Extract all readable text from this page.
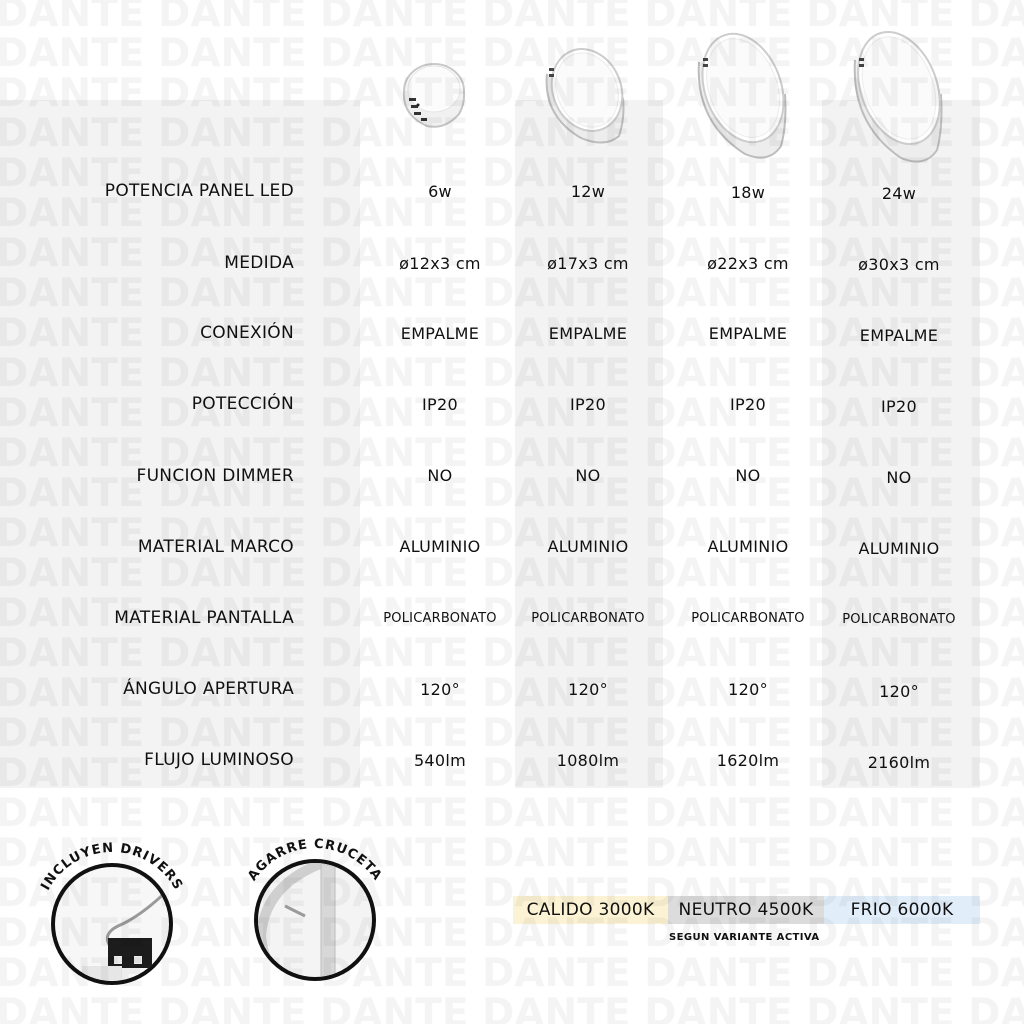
POTENCIA PANEL LED	6w	12w	18w	24w
MEDIDA	ø12x3 cm	ø17x3 cm	ø22x3 cm	ø30x3 cm
CONEXIÓN	EMPALME	EMPALME	EMPALME	EMPALME
POTECCIÓN	IP20	IP20	IP20	IP20
FUNCION DIMMER	NO	NO	NO	NO
MATERIAL MARCO	ALUMINIO	ALUMINIO	ALUMINIO	ALUMINIO
MATERIAL PANTALLA	POLICARBONATO	POLICARBONATO	POLICARBONATO	POLICARBONATO
ÁNGULO APERTURA	120°	120°	120°	120°
FLUJO LUMINOSO	540lm	1080lm	1620lm	2160lm
INCLUYEN DRIVERS
AGARRE CRUCETA
CALIDO 3000K	NEUTRO 4500K	FRIO 6000K
SEGUN VARIANTE ACTIVA
